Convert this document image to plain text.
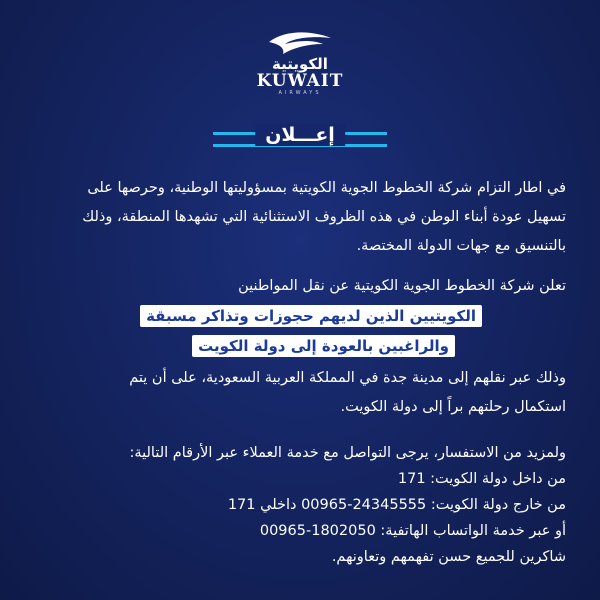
الكويتية
KUWAIT
AIRWAYS
إعـــلان
في اطار التزام شركة الخطوط الجوية الكويتية بمسؤوليتها الوطنية، وحرصها على
تسهيل عودة أبناء الوطن في هذه الظروف الاستثنائية التي تشهدها المنطقة، وذلك
بالتنسيق مع جهات الدولة المختصة.
تعلن شركة الخطوط الجوية الكويتية عن نقل المواطنين
الكويتيين الذين لديهم حجوزات وتذاكر مسبقة
والراغبين بالعودة إلى دولة الكويت
وذلك عبر نقلهم إلى مدينة جدة في المملكة العربية السعودية، على أن يتم
استكمال رحلتهم براً إلى دولة الكويت.
ولمزيد من الاستفسار، يرجى التواصل مع خدمة العملاء عبر الأرقام التالية:
من داخل دولة الكويت: 171
من خارج دولة الكويت: 24345555-00965 داخلي 171
أو عبر خدمة الواتساب الهاتفية: 1802050-00965
شاكرين للجميع حسن تفهمهم وتعاونهم.
